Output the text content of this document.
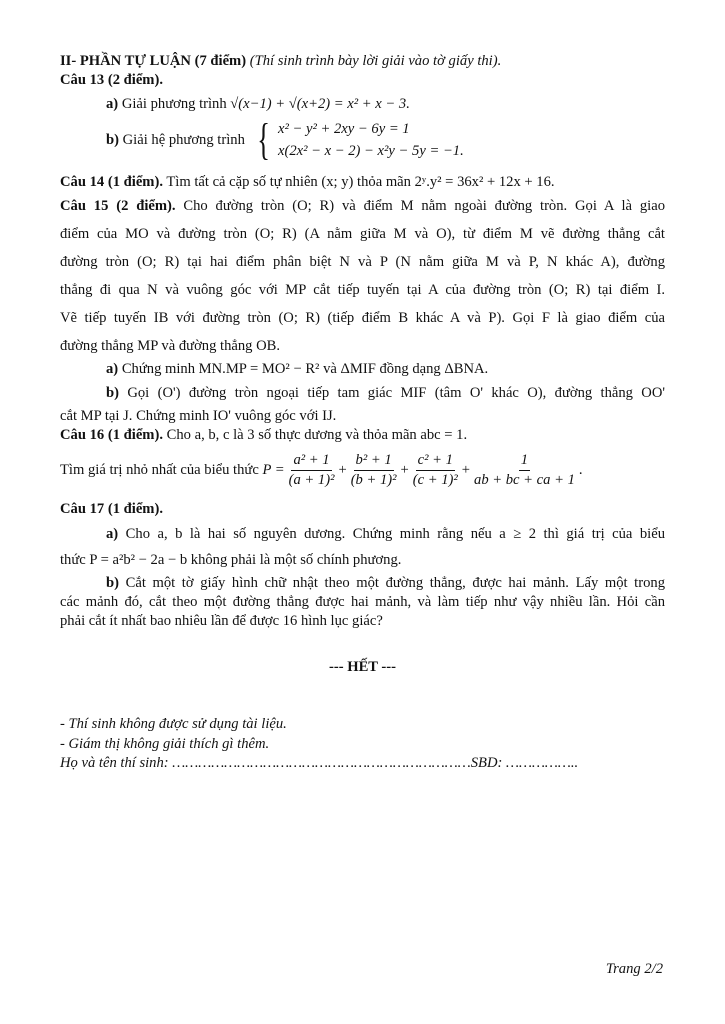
II- PHẦN TỰ LUẬN (7 điểm) (Thí sinh trình bày lời giải vào tờ giấy thi).
Câu 13 (2 điểm).
a) Giải phương trình √(x−1) + √(x+2) = x² + x − 3.
b)
Giải hệ phương trình { x² − y² + 2xy − 6y = 1
x(2x² − x − 2) − x²y − 5y = −1.
Câu 14 (1 điểm). Tìm tất cả cặp số tự nhiên (x; y) thỏa mãn 2ʸ.y² = 36x² + 12x + 16.
Câu 15 (2 điểm). Cho đường tròn (O; R) và điểm M nằm ngoài đường tròn. Gọi A là giao
điểm của MO và đường tròn (O; R) (A nằm giữa M và O), từ điểm M vẽ đường thẳng cắt
đường tròn (O; R) tại hai điểm phân biệt N và P (N nằm giữa M và P, N khác A), đường
thẳng đi qua N và vuông góc với MP cắt tiếp tuyến tại A của đường tròn (O; R) tại điểm I.
Vẽ tiếp tuyến IB với đường tròn (O; R) (tiếp điểm B khác A và P). Gọi F là giao điểm của
đường thẳng MP và đường thẳng OB.
a) Chứng minh MN.MP = MO² − R² và ΔMIF đồng dạng ΔBNA.
b) Gọi (O') đường tròn ngoại tiếp tam giác MIF (tâm O' khác O), đường thẳng OO'
cắt MP tại J. Chứng minh IO' vuông góc với IJ.
Câu 16 (1 điểm). Cho a, b, c là 3 số thực dương và thỏa mãn abc = 1.
Tìm giá trị nhỏ nhất của biểu thức
$P = \frac{\text{a² + 1}}{\text{(a + 1)²}} + \frac{\text{b² + 1}}{\text{(b + 1)²}} + \frac{\text{c² + 1}}{\text{(c + 1)²}} + \frac{1}{ab + bc + ca + 1}$ .
Câu 17 (1 điểm).
a) Cho a, b là hai số nguyên dương. Chứng minh rằng nếu a ≥ 2 thì giá trị của biểu
thức P = a²b² − 2a − b không phải là một số chính phương.
b) Cắt một tờ giấy hình chữ nhật theo một đường thẳng, được hai mảnh. Lấy một trong
các mảnh đó, cắt theo một đường thẳng được hai mảnh, và làm tiếp như vậy nhiều lần. Hỏi cần
phải cắt ít nhất bao nhiêu lần để được 16 hình lục giác?
--- HẾT ---
- Thí sinh không được sử dụng tài liệu.
- Giám thị không giải thích gì thêm.
Họ và tên thí sinh: ……………………………………………………………SBD: ……………..
Trang 2/2
